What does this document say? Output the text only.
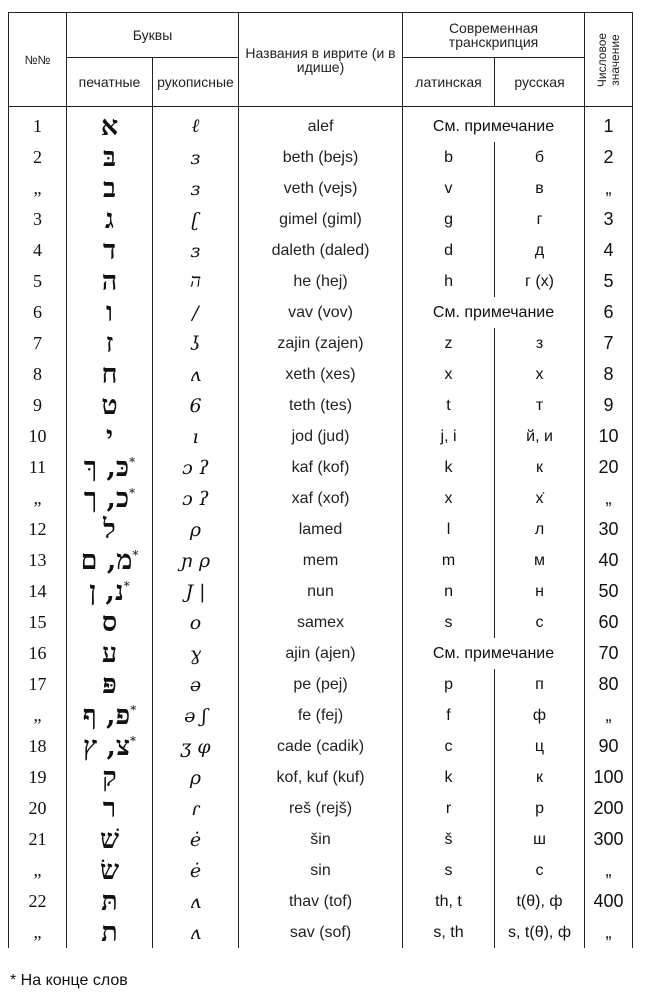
№№	Буквы		Названия в иврите (и в идише)	Современная транскрипция		Числовое значение

	печатные	рукописные		латинская	русская	
1	א	ℓ	alef	См. примечание		1
2	בּ	ɜ	beth (bejs)	b	б	2
„	ב	ɜ	veth (vejs)	v	в	„
3	ג	ʗ	gimel (giml)	g	г	3
4	ד	ɜ	daleth (daled)	d	д	4
5	ה	ה	he (hej)	h	г (х)	5
6	ו	/	vav (vov)	См. примечание		6
7	ז	ʖ	zajin (zajen)	z	з	7
8	ח	ʌ	xeth (xes)	x	х	8
9	ט	6	teth (tes)	t	т	9
10	י	ı	jod (jud)	j, i	й, и	10
11	כּ, ךּ*	ɔ ʔ	kaf (kof)	k	к	20
„	כ, ך*	ɔ ʔ	xaf (xof)	x	х̇	„
12	ל	ρ	lamed	l	л	30
13	מ, ם*	ɲ ρ	mem	m	м	40
14	נ, ן*	J |	nun	n	н	50
15	ס	o	samex	s	с	60
16	ע	ɣ	ajin (ajen)	См. примечание		70
17	פּ	ə	pe (pej)	p	п	80
„	פ, ף*	ə ʃ	fe (fej)	f	ф	„
18	צ, ץ*	ʒ φ	cade (cadik)	c	ц	90
19	ק	ρ	kof, kuf (kuf)	k	к	100
20	ר	ɾ	reš (rejš)	r	р	200
21	שׁ	ė	šin	š	ш	300
„	שׂ	ė	sin	s	с	„
22	תּ	ʌ	thav (tof)	th, t	t(θ), ф	400
„	ת	ʌ	sav (sof)	s, th	s, t(θ), ф	„
* На конце слов
